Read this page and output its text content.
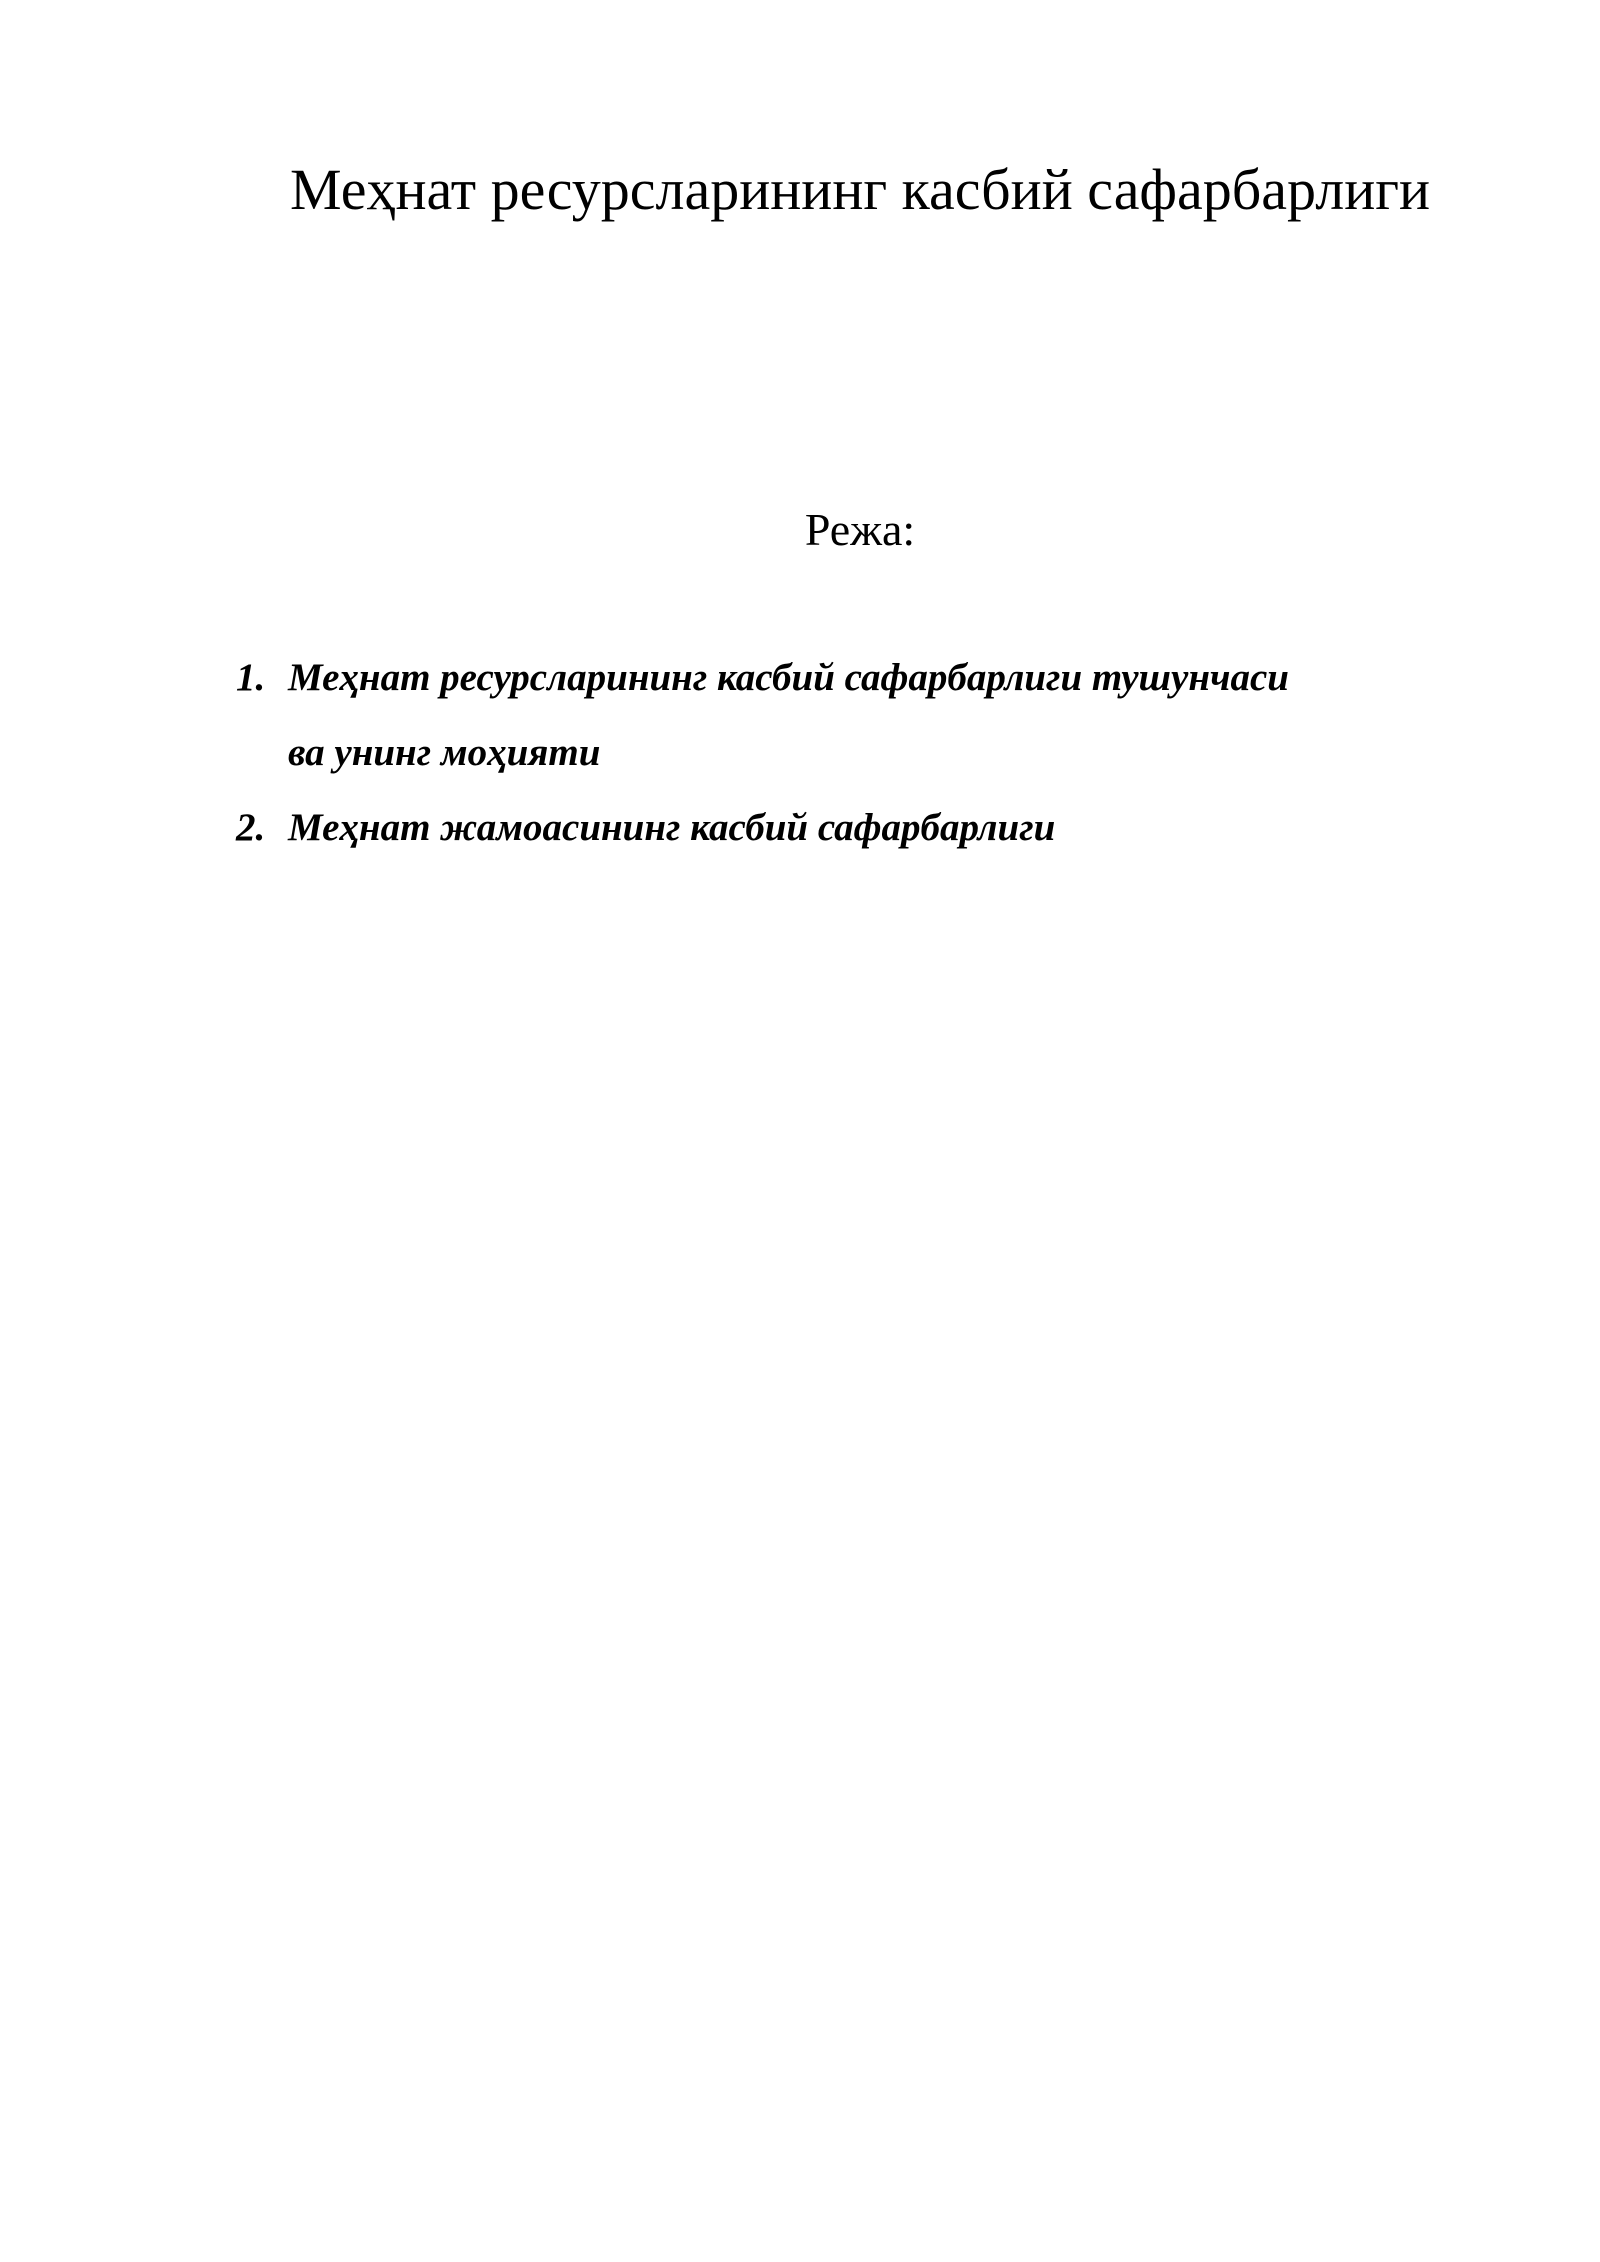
Меҳнат ресурсларининг касбий сафарбарлиги

Режа:

1. Меҳнат ресурсларининг касбий сафарбарлиги тушунчаси
ва унинг моҳияти
2. Меҳнат жамоасининг касбий сафарбарлиги
